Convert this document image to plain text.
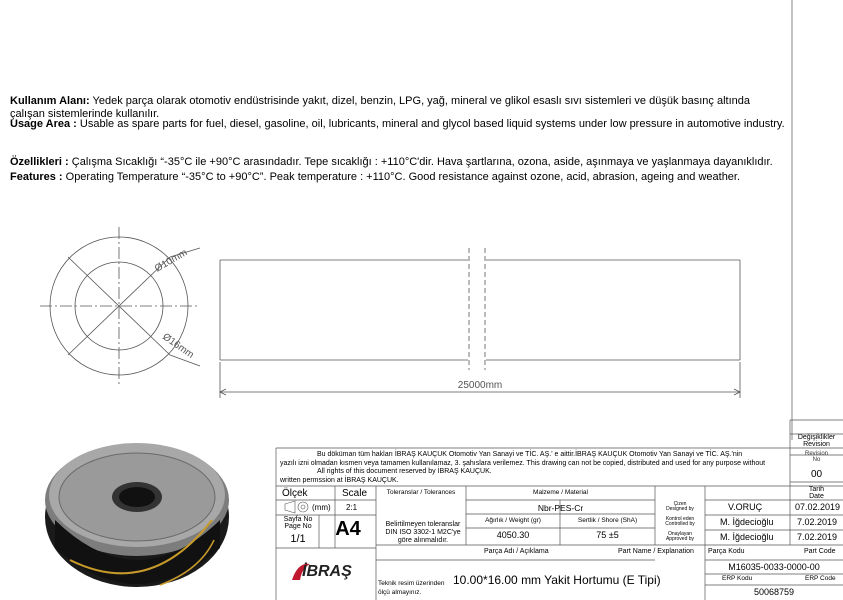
Kullanım Alanı: Yedek parça olarak otomotiv endüstrisinde yakıt, dizel, benzin, LPG, yağ, mineral ve glikol esaslı sıvı sistemleri ve düşük basınç altında
çalışan sistemlerinde kullanılır.
Usage Area : Usable as spare parts for fuel, diesel, gasoline, oil, lubricants, mineral and glycol based liquid systems under low pressure in automotive industry.
Özellikleri : Çalışma Sıcaklığı “-35°C ile +90°C arasındadır. Tepe sıcaklığı : +110°C'dir. Hava şartlarına, ozona, aside, aşınmaya ve yaşlanmaya dayanıklıdır.
Features : Operating Temperature “-35°C to +90°C”. Peak temperature : +110°C. Good resistance against ozone, acid, abrasion, ageing and weather.
Ø10mm
Ø16mm
25000mm
Değişiklikler
Revision
Revision
No
00
Tarih
Date
Bu döküman tüm hakları İBRAŞ KAUÇUK Otomotiv Yan Sanayi ve TİC. AŞ.' e aittir.İBRAŞ KAUÇUK Otomotiv Yan Sanayi ve TİC. AŞ.'nin
yazılı izni olmadan kısmen veya tamamen kullanılamaz, 3. şahıslara verilemez. This drawing can not be copied, distributed and used for any purpose without
All rights of this document reserved by İBRAŞ KAUÇUK.
written permssion at İBRAŞ KAUÇUK.
Ölçek	Scale
(mm) 2:1
Sayfa No
Page No
1/1	A4
Toleranslar / Tolerances
Belirtilmeyen toleranslar DIN ISO 3302-1 M2C'ye göre alınmalıdır.
Malzeme / Material
Nbr-PES-Cr
Ağırlık / Weight (gr)	Sertlik / Shore (ShA)
4050.30	75 ±5
Çizen
Designed by	V.ORUÇ	07.02.2019
Kontrol eden
Controlled by	M. İğdecioğlu	7.02.2019
Onaylayan
Approved by	M. İğdecioğlu	7.02.2019
Parça Adı / Açıklama	Part Name / Explanation
10.00*16.00 mm Yakit Hortumu (E Tipi)
Teknik resim üzerinden ölçü almayınız.
Parça Kodu	Part Code
M16035-0033-0000-00
ERP Kodu	ERP Code
50068759
İBRAŞ
